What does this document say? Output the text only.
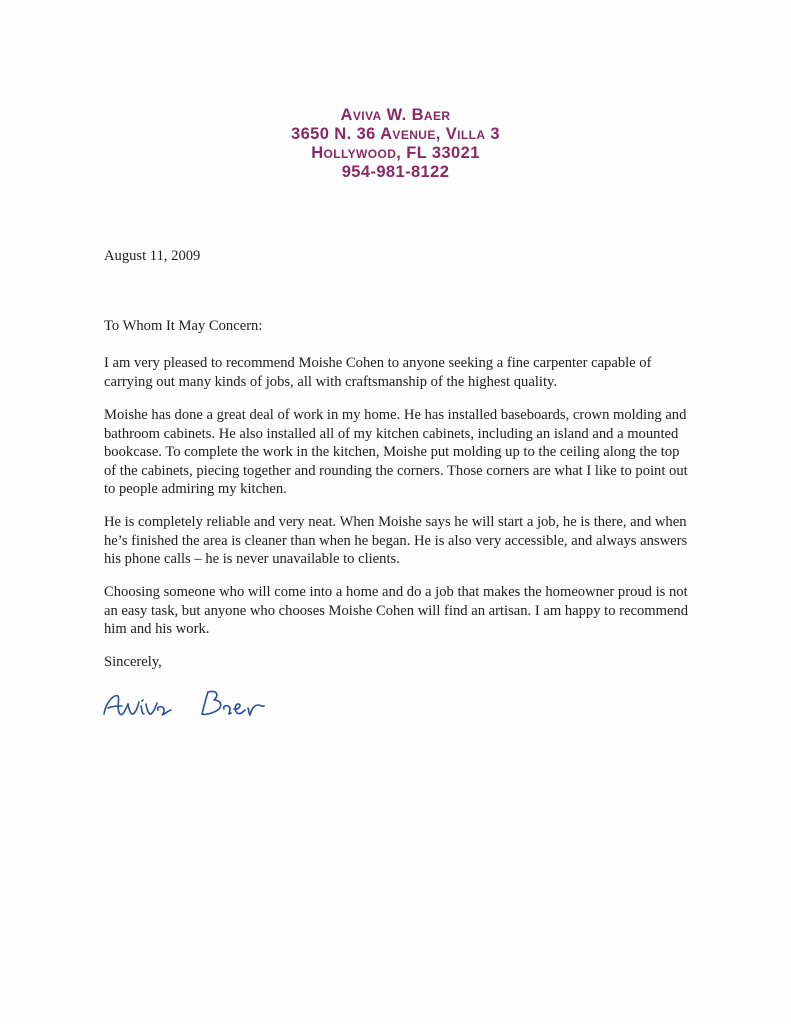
Aviva W. Baer
3650 N. 36 Avenue, Villa 3
Hollywood, FL 33021
954-981-8122

August 11, 2009

To Whom It May Concern:

I am very pleased to recommend Moishe Cohen to anyone seeking a fine carpenter capable of carrying out many kinds of jobs, all with craftsmanship of the highest quality.

Moishe has done a great deal of work in my home. He has installed baseboards, crown molding and bathroom cabinets. He also installed all of my kitchen cabinets, including an island and a mounted bookcase. To complete the work in the kitchen, Moishe put molding up to the ceiling along the top of the cabinets, piecing together and rounding the corners. Those corners are what I like to point out to people admiring my kitchen.

He is completely reliable and very neat. When Moishe says he will start a job, he is there, and when he’s finished the area is cleaner than when he began. He is also very accessible, and always answers his phone calls – he is never unavailable to clients.

Choosing someone who will come into a home and do a job that makes the homeowner proud is not an easy task, but anyone who chooses Moishe Cohen will find an artisan. I am happy to recommend him and his work.

Sincerely,
